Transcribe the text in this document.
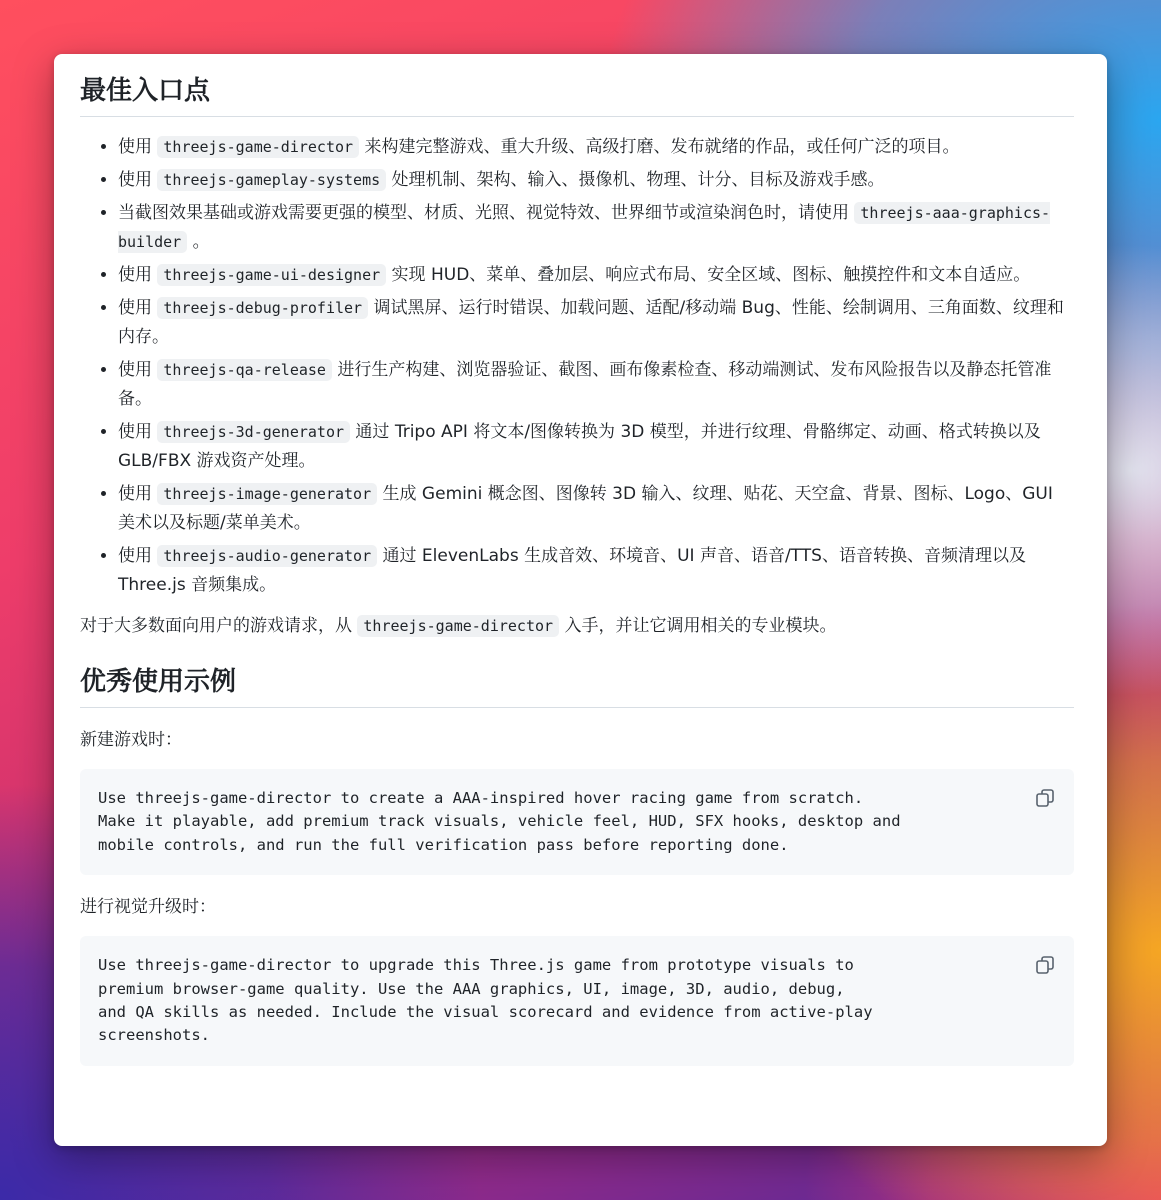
最佳入口点
• 使用 threejs-game-director 来构建完整游戏、重大升级、高级打磨、发布就绪的作品，或任何广泛的项目。
• 使用 threejs-gameplay-systems 处理机制、架构、输入、摄像机、物理、计分、目标及游戏手感。
• 当截图效果基础或游戏需要更强的模型、材质、光照、视觉特效、世界细节或渲染润色时，请使用 threejs-aaa-graphics-builder 。
• 使用 threejs-game-ui-designer 实现 HUD、菜单、叠加层、响应式布局、安全区域、图标、触摸控件和文本自适应。
• 使用 threejs-debug-profiler 调试黑屏、运行时错误、加载问题、适配/移动端 Bug、性能、绘制调用、三角面数、纹理和内存。
• 使用 threejs-qa-release 进行生产构建、浏览器验证、截图、画布像素检查、移动端测试、发布风险报告以及静态托管准备。
• 使用 threejs-3d-generator 通过 Tripo API 将文本/图像转换为 3D 模型，并进行纹理、骨骼绑定、动画、格式转换以及 GLB/FBX 游戏资产处理。
• 使用 threejs-image-generator 生成 Gemini 概念图、图像转 3D 输入、纹理、贴花、天空盒、背景、图标、Logo、GUI 美术以及标题/菜单美术。
• 使用 threejs-audio-generator 通过 ElevenLabs 生成音效、环境音、UI 声音、语音/TTS、语音转换、音频清理以及 Three.js 音频集成。

对于大多数面向用户的游戏请求，从 threejs-game-director 入手，并让它调用相关的专业模块。

优秀使用示例

新建游戏时：

Use threejs-game-director to create a AAA-inspired hover racing game from scratch.
Make it playable, add premium track visuals, vehicle feel, HUD, SFX hooks, desktop and
mobile controls, and run the full verification pass before reporting done.

进行视觉升级时：

Use threejs-game-director to upgrade this Three.js game from prototype visuals to
premium browser-game quality. Use the AAA graphics, UI, image, 3D, audio, debug,
and QA skills as needed. Include the visual scorecard and evidence from active-play
screenshots.
